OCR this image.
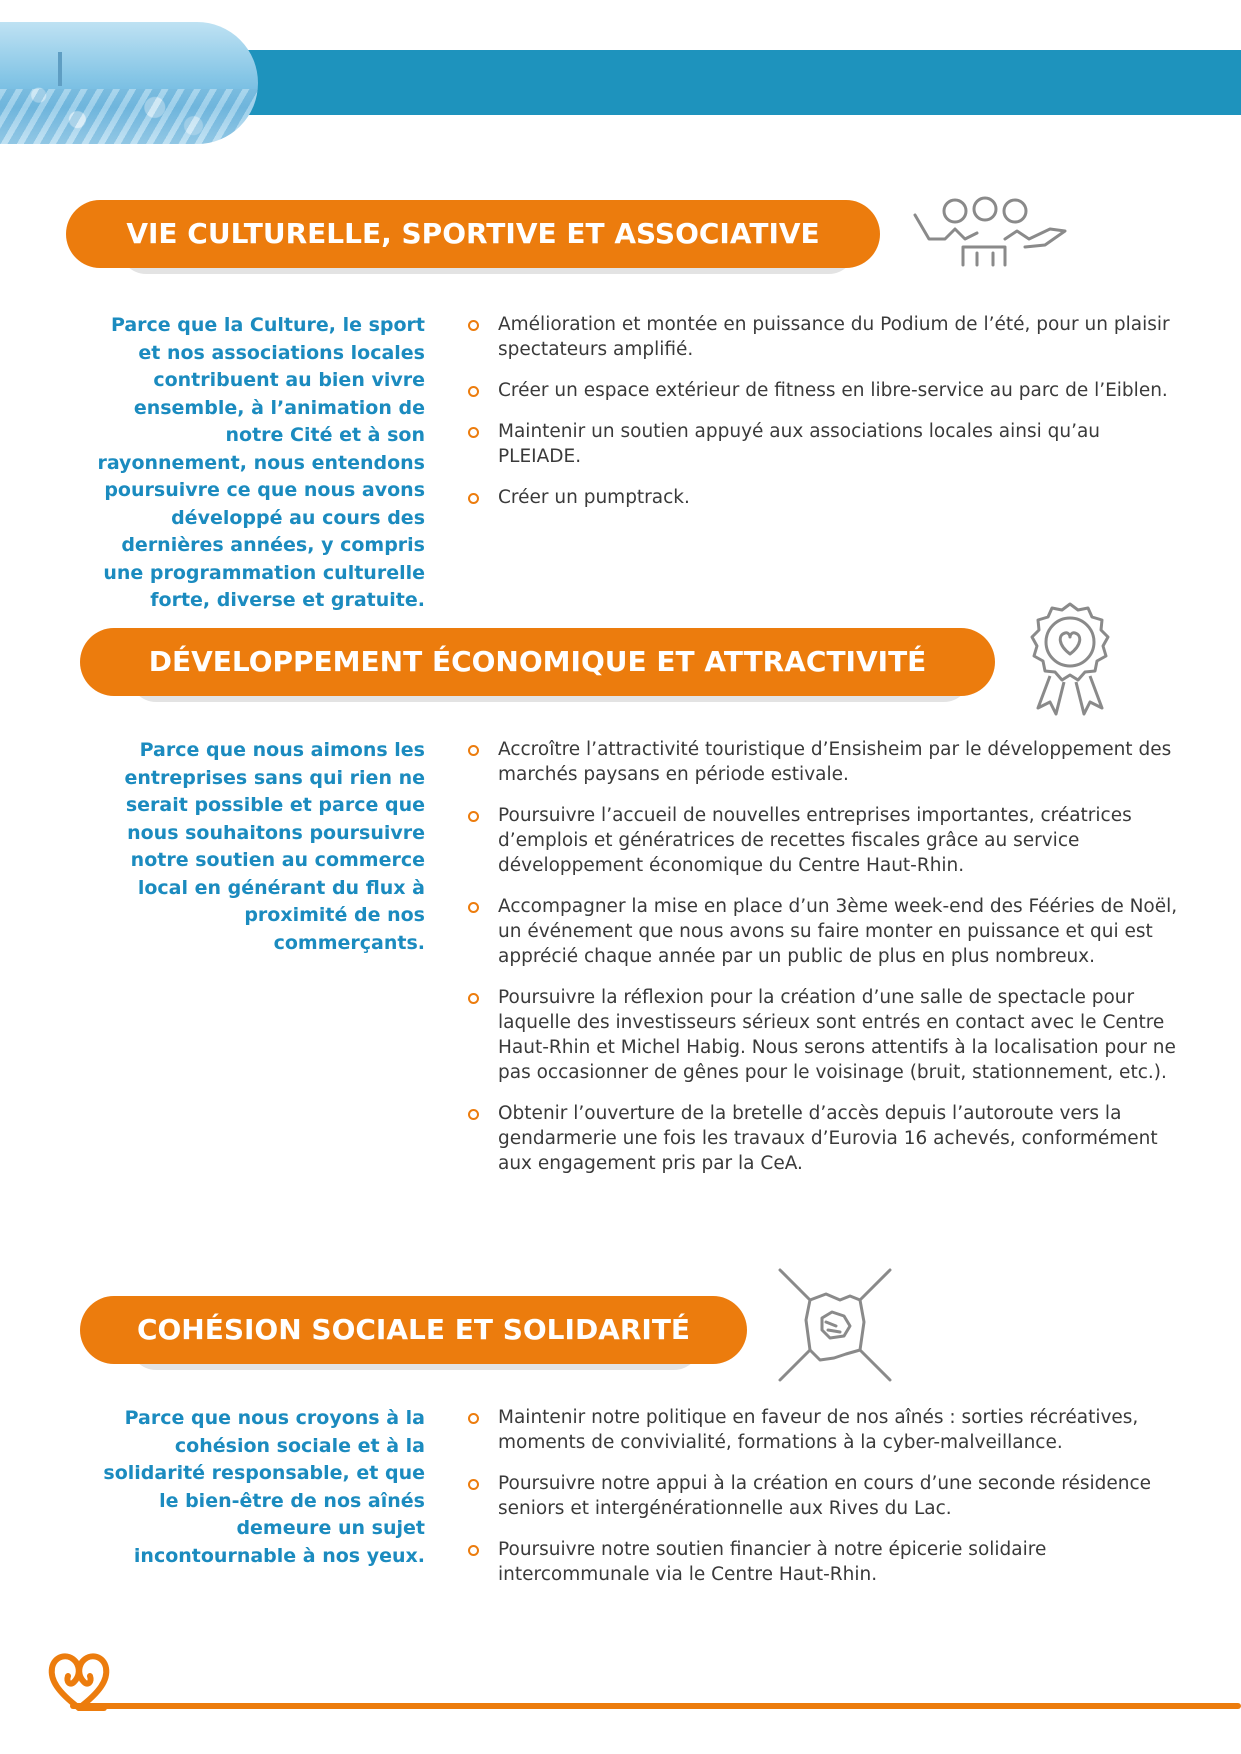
VIE CULTURELLE, SPORTIVE ET ASSOCIATIVE
Parce que la Culture, le sport et nos associations locales contribuent au bien vivre ensemble, à l’animation de notre Cité et à son rayonnement, nous entendons poursuivre ce que nous avons développé au cours des dernières années, y compris une programmation culturelle forte, diverse et gratuite.
Amélioration et montée en puissance du Podium de l’été, pour un plaisir spectateurs amplifié.
Créer un espace extérieur de fitness en libre-service au parc de l’Eiblen.
Maintenir un soutien appuyé aux associations locales ainsi qu’au PLEIADE.
Créer un pumptrack.
DÉVELOPPEMENT ÉCONOMIQUE ET ATTRACTIVITÉ
Parce que nous aimons les entreprises sans qui rien ne serait possible et parce que nous souhaitons poursuivre notre soutien au commerce local en générant du flux à proximité de nos commerçants.
Accroître l’attractivité touristique d’Ensisheim par le développement des marchés paysans en période estivale.
Poursuivre l’accueil de nouvelles entreprises importantes, créatrices d’emplois et génératrices de recettes fiscales grâce au service développement économique du Centre Haut-Rhin.
Accompagner la mise en place d’un 3ème week-end des Fééries de Noël, un événement que nous avons su faire monter en puissance et qui est apprécié chaque année par un public de plus en plus nombreux.
Poursuivre la réflexion pour la création d’une salle de spectacle pour laquelle des investisseurs sérieux sont entrés en contact avec le Centre Haut-Rhin et Michel Habig. Nous serons attentifs à la localisation pour ne pas occasionner de gênes pour le voisinage (bruit, stationnement, etc.).
Obtenir l’ouverture de la bretelle d’accès depuis l’autoroute vers la gendarmerie une fois les travaux d’Eurovia 16 achevés, conformément aux engagement pris par la CeA.
COHÉSION SOCIALE ET SOLIDARITÉ
Parce que nous croyons à la cohésion sociale et à la solidarité responsable, et que le bien-être de nos aînés demeure un sujet incontournable à nos yeux.
Maintenir notre politique en faveur de nos aînés : sorties récréatives, moments de convivialité, formations à la cyber-malveillance.
Poursuivre notre appui à la création en cours d’une seconde résidence seniors et intergénérationnelle aux Rives du Lac.
Poursuivre notre soutien financier à notre épicerie solidaire intercommunale via le Centre Haut-Rhin.
